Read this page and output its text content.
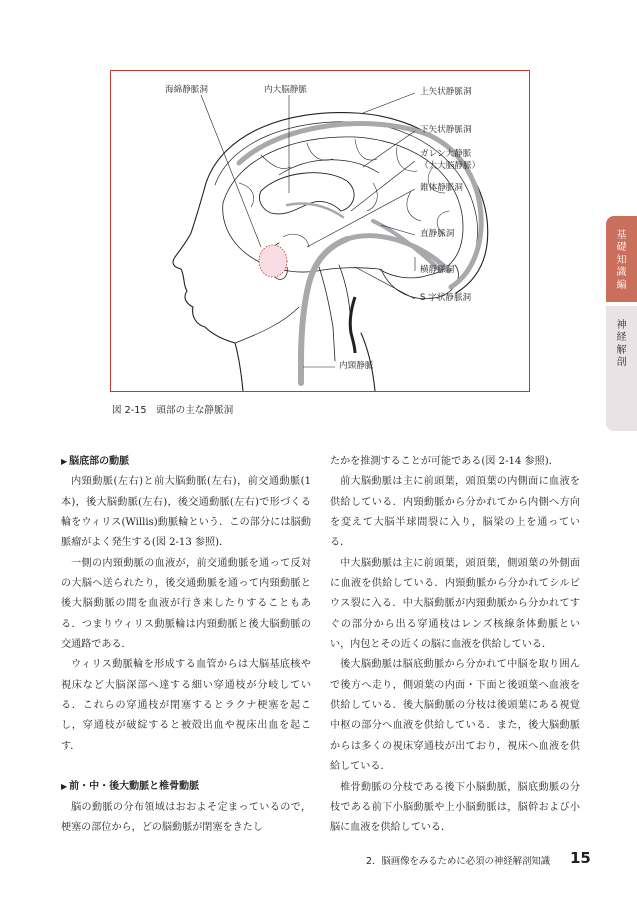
海綿静脈洞	内大脳静脈	上矢状静脈洞
下矢状静脈洞
ガレン大静脈
（大大脳静脈）
錐体静脈洞
直静脈洞
横静脈洞
S 字状静脈洞
内頸静脈
図 2-15 頭部の主な静脈洞
▶ 脳底部の動脈

内頸動脈(左右)と前大脳動脈(左右)，前交通動脈(1本)，後大脳動脈(左右)，後交通動脈(左右)で形づくる輪をウィリス(Willis)動脈輪という．この部分には脳動脈瘤がよく発生する(図 2-13 参照)．

一側の内頸動脈の血液が，前交通動脈を通って反対の大脳へ送られたり，後交通動脈を通って内頸動脈と後大脳動脈の間を血液が行き来したりすることもある．つまりウィリス動脈輪は内頸動脈と後大脳動脈の交通路である．

ウィリス動脈輪を形成する血管からは大脳基底核や視床など大脳深部へ達する細い穿通枝が分岐している．これらの穿通枝が閉塞するとラクナ梗塞を起こし，穿通枝が破綻すると被殻出血や視床出血を起こす．

▶ 前・中・後大動脈と椎骨動脈

脳の動脈の分布領域はおおよそ定まっているので，梗塞の部位から，どの脳動脈が閉塞をきたし

たかを推測することが可能である(図 2-14 参照)．

前大脳動脈は主に前頭葉，頭頂葉の内側面に血液を供給している．内頸動脈から分かれてから内側へ方向を変えて大脳半球間裂に入り，脳梁の上を通っている．

中大脳動脈は主に前頭葉，頭頂葉，側頭葉の外側面に血液を供給している．内頸動脈から分かれてシルビウス裂に入る．中大脳動脈が内頸動脈から分かれてすぐの部分から出る穿通枝はレンズ核線条体動脈といい，内包とその近くの脳に血液を供給している．

後大脳動脈は脳底動脈から分かれて中脳を取り囲んで後方へ走り，側頭葉の内面・下面と後頭葉へ血液を供給している．後大脳動脈の分枝は後頭葉にある視覚中枢の部分へ血液を供給している．また，後大脳動脈からは多くの視床穿通枝が出ており，視床へ血液を供給している．

椎骨動脈の分枝である後下小脳動脈，脳底動脈の分枝である前下小脳動脈や上小脳動脈は，脳幹および小脳に血液を供給している．

基礎知識編
神経解剖
2．脳画像をみるために必須の神経解剖知識 15
